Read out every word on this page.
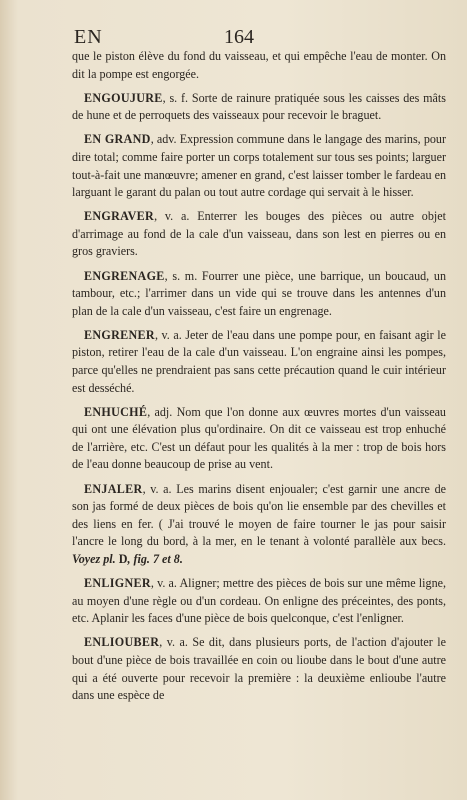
EN	164

que le piston élève du fond du vaisseau, et qui empêche l'eau de monter. On dit la pompe est engorgée.

ENGOUJURE, s. f. Sorte de rainure pratiquée sous les caisses des mâts de hune et de perroquets des vaisseaux pour recevoir le braguet.

EN GRAND, adv. Expression commune dans le langage des marins, pour dire total; comme faire porter un corps totalement sur tous ses points; larguer tout-à-fait une manœuvre; amener en grand, c'est laisser tomber le fardeau en larguant le garant du palan ou tout autre cordage qui servait à le hisser.

ENGRAVER, v. a. Enterrer les bouges des pièces ou autre objet d'arrimage au fond de la cale d'un vaisseau, dans son lest en pierres ou en gros graviers.

ENGRENAGE, s. m. Fourrer une pièce, une barrique, un boucaud, un tambour, etc.; l'arrimer dans un vide qui se trouve dans les antennes d'un plan de la cale d'un vaisseau, c'est faire un engrenage.

ENGRENER, v. a. Jeter de l'eau dans une pompe pour, en faisant agir le piston, retirer l'eau de la cale d'un vaisseau. L'on engraine ainsi les pompes, parce qu'elles ne prendraient pas sans cette précaution quand le cuir intérieur est desséché.

ENHUCHÉ, adj. Nom que l'on donne aux œuvres mortes d'un vaisseau qui ont une élévation plus qu'ordinaire. On dit ce vaisseau est trop enhuché de l'arrière, etc. C'est un défaut pour les qualités à la mer : trop de bois hors de l'eau donne beaucoup de prise au vent.

ENJALER, v. a. Les marins disent enjoualer; c'est garnir une ancre de son jas formé de deux pièces de bois qu'on lie ensemble par des chevilles et des liens en fer. ( J'ai trouvé le moyen de faire tourner le jas pour saisir l'ancre le long du bord, à la mer, en le tenant à volonté parallèle aux becs. Voyez pl. D, fig. 7 et 8.

ENLIGNER, v. a. Aligner; mettre des pièces de bois sur une même ligne, au moyen d'une règle ou d'un cordeau. On enligne des préceintes, des ponts, etc. Aplanir les faces d'une pièce de bois quelconque, c'est l'enligner.

ENLIOUBER, v. a. Se dit, dans plusieurs ports, de l'action d'ajouter le bout d'une pièce de bois travaillée en coin ou lioube dans le bout d'une autre qui a été ouverte pour recevoir la première : la deuxième enlioube l'autre dans une espèce de
